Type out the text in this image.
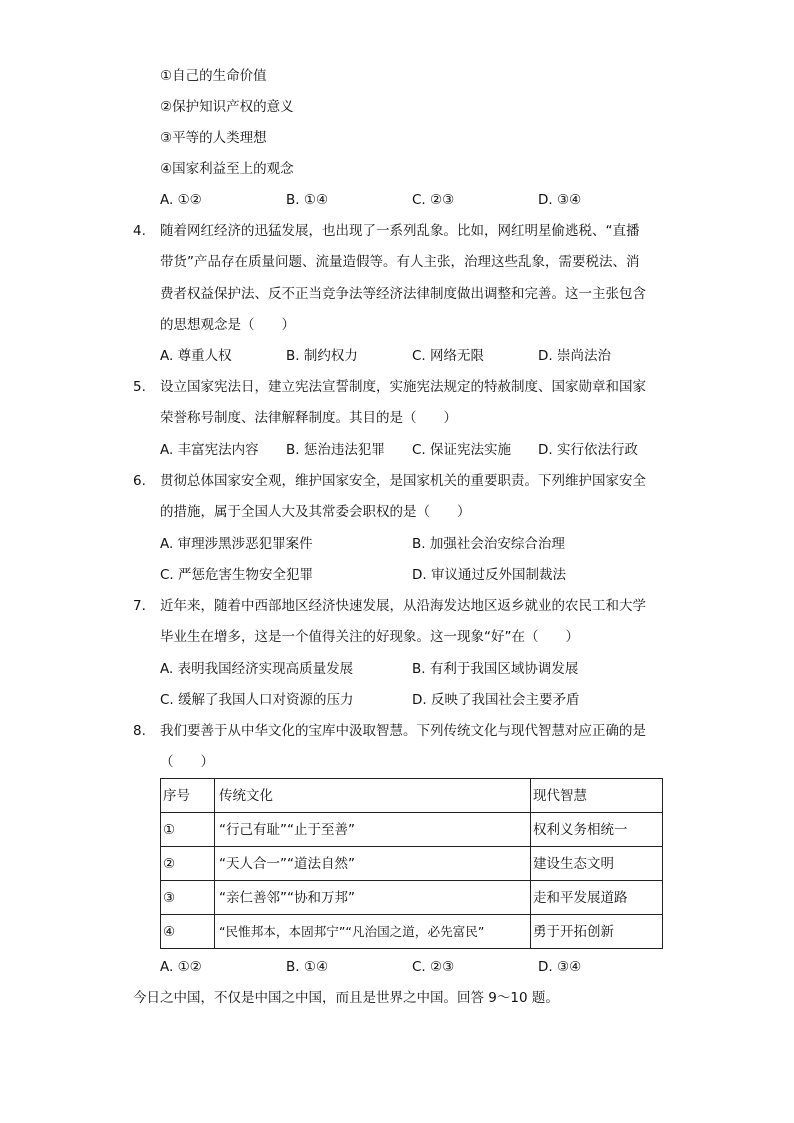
①自己的生命价值
②保护知识产权的意义
③平等的人类理想
④国家利益至上的观念
A. ①②	B. ①④	C. ②③	D. ③④
4. 随着网红经济的迅猛发展，也出现了一系列乱象。比如，网红明星偷逃税、“直播
带货”产品存在质量问题、流量造假等。有人主张，治理这些乱象，需要税法、消
费者权益保护法、反不正当竞争法等经济法律制度做出调整和完善。这一主张包含
的思想观念是（　　）
A. 尊重人权	B. 制约权力	C. 网络无限	D. 崇尚法治
5. 设立国家宪法日，建立宪法宣誓制度，实施宪法规定的特赦制度、国家勋章和国家
荣誉称号制度、法律解释制度。其目的是（　　）
A. 丰富宪法内容 B. 惩治违法犯罪 C. 保证宪法实施 D. 实行依法行政
6. 贯彻总体国家安全观，维护国家安全，是国家机关的重要职责。下列维护国家安全
的措施，属于全国人大及其常委会职权的是（　　）
A. 审理涉黑涉恶犯罪案件	B. 加强社会治安综合治理
C. 严惩危害生物安全犯罪	D. 审议通过反外国制裁法
7. 近年来，随着中西部地区经济快速发展，从沿海发达地区返乡就业的农民工和大学
毕业生在增多，这是一个值得关注的好现象。这一现象“好”在（　　）
A. 表明我国经济实现高质量发展	B. 有利于我国区域协调发展
C. 缓解了我国人口对资源的压力	D. 反映了我国社会主要矛盾
8. 我们要善于从中华文化的宝库中汲取智慧。下列传统文化与现代智慧对应正确的是
（　　）
序号	传统文化	现代智慧
①	“行己有耻”“止于至善”	权利义务相统一
②	“天人合一”“道法自然”	建设生态文明
③	“亲仁善邻”“协和万邦”	走和平发展道路
④	“民惟邦本，本固邦宁”“凡治国之道，必先富民”	勇于开拓创新
A. ①②	B. ①④	C. ②③	D. ③④
今日之中国，不仅是中国之中国，而且是世界之中国。回答 9～10 题。
